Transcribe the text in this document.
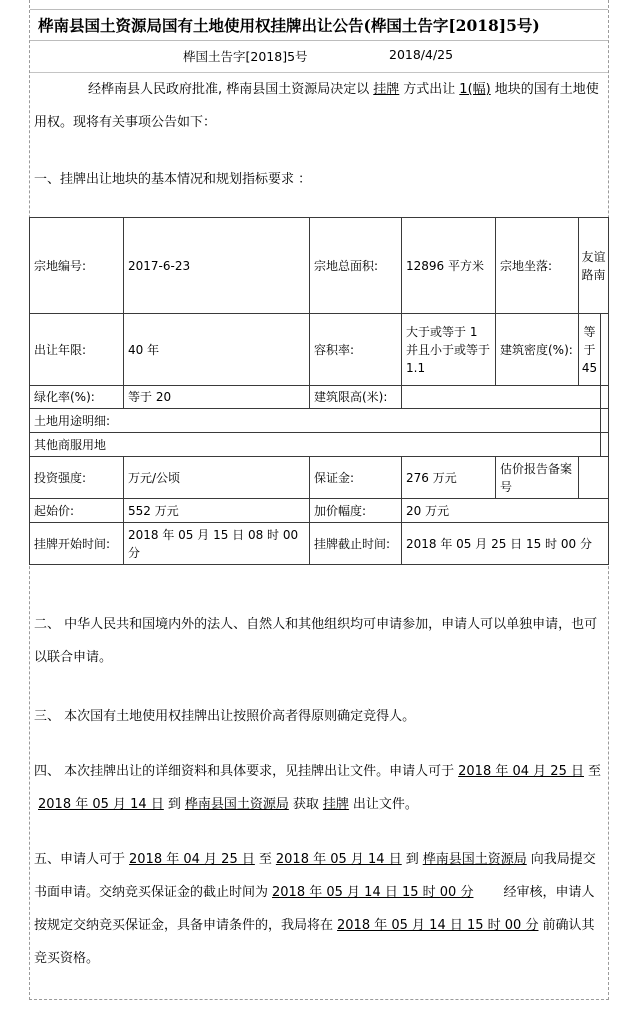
桦南县国土资源局国有土地使用权挂牌出让公告(桦国土告字[2018]5号)
桦国土告字[2018]5号	2018/4/25
经桦南县人民政府批准, 桦南县国土资源局决定以 挂牌 方式出让 1(幅) 地块的国有土地使用权。现将有关事项公告如下：
一、挂牌出让地块的基本情况和规划指标要求 ：
宗地编号:	2017-6-23	宗地总面积:	12896 平方米	宗地坐落:	友谊路南	
出让年限:	40 年	容积率:	大于或等于 1 并且小于或等于 1.1	建筑密度(%):	等于45	
绿化率(%):	等于 20	建筑限高(米):				
土地用途明细:						
其他商服用地						
投资强度:	万元/公顷	保证金:	276 万元	估价报告备案号		
起始价:	552 万元	加价幅度:	20 万元			
挂牌开始时间:	2018 年 05 月 15 日 08 时 00 分	挂牌截止时间:	2018 年 05 月 25 日 15 时 00 分			
二、 中华人民共和国境内外的法人、自然人和其他组织均可申请参加，申请人可以单独申请，也可以联合申请。
三、 本次国有土地使用权挂牌出让按照价高者得原则确定竞得人。
四、 本次挂牌出让的详细资料和具体要求，见挂牌出让文件。申请人可于 2018 年 04 月 25 日 至2018 年 05 月 14 日 到 桦南县国土资源局 获取 挂牌 出让文件。
五、申请人可于 2018 年 04 月 25 日 至 2018 年 05 月 14 日 到 桦南县国土资源局 向我局提交书面申请。交纳竞买保证金的截止时间为 2018 年 05 月 14 日 15 时 00 分 经审核，申请人按规定交纳竞买保证金，具备申请条件的，我局将在 2018 年 05 月 14 日 15 时 00 分 前确认其竞买资格。
